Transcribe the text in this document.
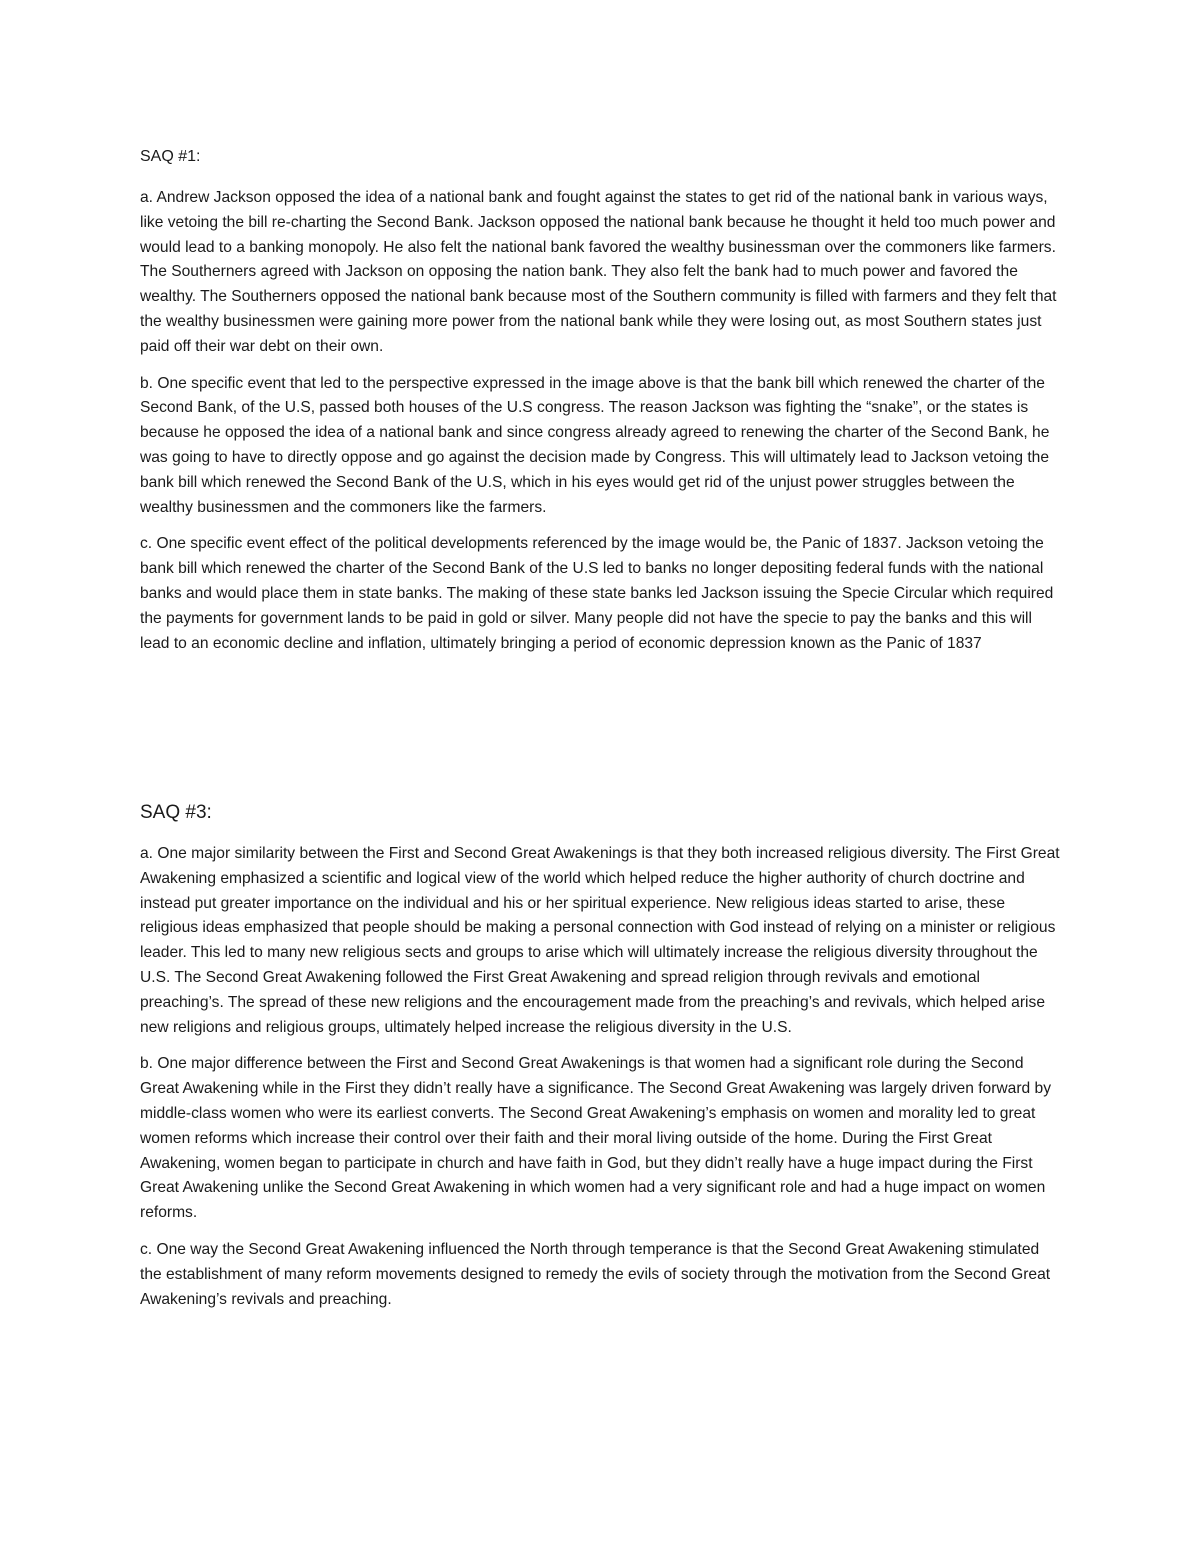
SAQ #1:

a. Andrew Jackson opposed the idea of a national bank and fought against the states to get rid of the national bank in various ways, like vetoing the bill re-charting the Second Bank. Jackson opposed the national bank because he thought it held too much power and would lead to a banking monopoly. He also felt the national bank favored the wealthy businessman over the commoners like farmers. The Southerners agreed with Jackson on opposing the nation bank. They also felt the bank had to much power and favored the wealthy. The Southerners opposed the national bank because most of the Southern community is filled with farmers and they felt that the wealthy businessmen were gaining more power from the national bank while they were losing out, as most Southern states just paid off their war debt on their own.

b. One specific event that led to the perspective expressed in the image above is that the bank bill which renewed the charter of the Second Bank, of the U.S, passed both houses of the U.S congress. The reason Jackson was fighting the “snake”, or the states is because he opposed the idea of a national bank and since congress already agreed to renewing the charter of the Second Bank, he was going to have to directly oppose and go against the decision made by Congress. This will ultimately lead to Jackson vetoing the bank bill which renewed the Second Bank of the U.S, which in his eyes would get rid of the unjust power struggles between the wealthy businessmen and the commoners like the farmers.

c. One specific event effect of the political developments referenced by the image would be, the Panic of 1837. Jackson vetoing the bank bill which renewed the charter of the Second Bank of the U.S led to banks no longer depositing federal funds with the national banks and would place them in state banks. The making of these state banks led Jackson issuing the Specie Circular which required the payments for government lands to be paid in gold or silver. Many people did not have the specie to pay the banks and this will lead to an economic decline and inflation, ultimately bringing a period of economic depression known as the Panic of 1837

SAQ #3:

a. One major similarity between the First and Second Great Awakenings is that they both increased religious diversity. The First Great Awakening emphasized a scientific and logical view of the world which helped reduce the higher authority of church doctrine and instead put greater importance on the individual and his or her spiritual experience. New religious ideas started to arise, these religious ideas emphasized that people should be making a personal connection with God instead of relying on a minister or religious leader. This led to many new religious sects and groups to arise which will ultimately increase the religious diversity throughout the U.S. The Second Great Awakening followed the First Great Awakening and spread religion through revivals and emotional preaching’s. The spread of these new religions and the encouragement made from the preaching’s and revivals, which helped arise new religions and religious groups, ultimately helped increase the religious diversity in the U.S.

b. One major difference between the First and Second Great Awakenings is that women had a significant role during the Second Great Awakening while in the First they didn’t really have a significance. The Second Great Awakening was largely driven forward by middle-class women who were its earliest converts. The Second Great Awakening’s emphasis on women and morality led to great women reforms which increase their control over their faith and their moral living outside of the home. During the First Great Awakening, women began to participate in church and have faith in God, but they didn’t really have a huge impact during the First Great Awakening unlike the Second Great Awakening in which women had a very significant role and had a huge impact on women reforms.

c. One way the Second Great Awakening influenced the North through temperance is that the Second Great Awakening stimulated the establishment of many reform movements designed to remedy the evils of society through the motivation from the Second Great Awakening’s revivals and preaching.
